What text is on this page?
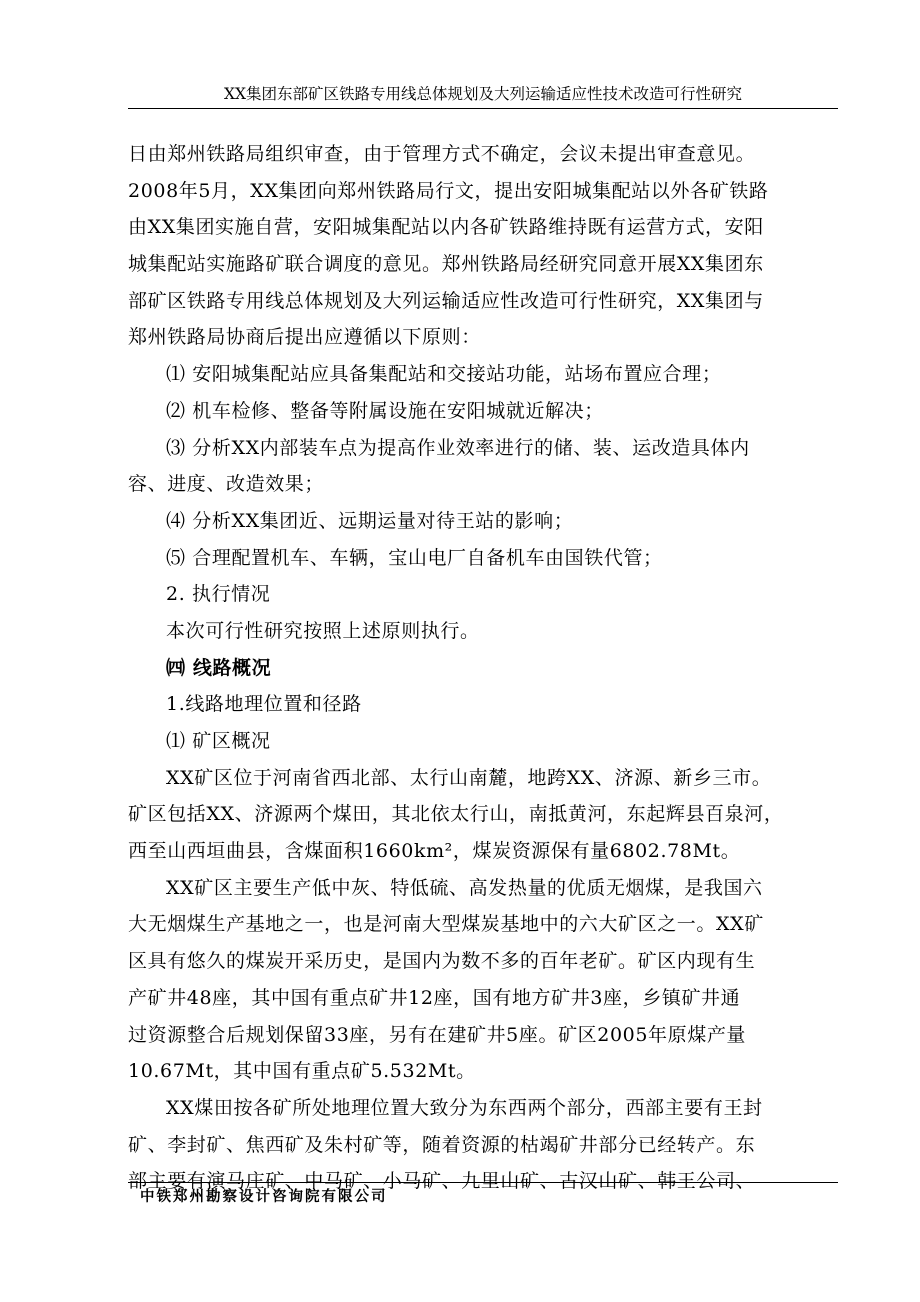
XX集团东部矿区铁路专用线总体规划及大列运输适应性技术改造可行性研究
日由郑州铁路局组织审查，由于管理方式不确定，会议未提出审查意见。
2008年5月，XX集团向郑州铁路局行文，提出安阳城集配站以外各矿铁路
由XX集团实施自营，安阳城集配站以内各矿铁路维持既有运营方式，安阳
城集配站实施路矿联合调度的意见。郑州铁路局经研究同意开展XX集团东
部矿区铁路专用线总体规划及大列运输适应性改造可行性研究，XX集团与
郑州铁路局协商后提出应遵循以下原则：
⑴ 安阳城集配站应具备集配站和交接站功能，站场布置应合理；
⑵ 机车检修、整备等附属设施在安阳城就近解决；
⑶ 分析XX内部装车点为提高作业效率进行的储、装、运改造具体内
容、进度、改造效果；
⑷ 分析XX集团近、远期运量对待王站的影响；
⑸ 合理配置机车、车辆，宝山电厂自备机车由国铁代管；
2. 执行情况
本次可行性研究按照上述原则执行。
㈣ 线路概况
1.线路地理位置和径路
⑴ 矿区概况
XX矿区位于河南省西北部、太行山南麓，地跨XX、济源、新乡三市。
矿区包括XX、济源两个煤田，其北依太行山，南抵黄河，东起辉县百泉河，
西至山西垣曲县，含煤面积1660km²，煤炭资源保有量6802.78Mt。
XX矿区主要生产低中灰、特低硫、高发热量的优质无烟煤，是我国六
大无烟煤生产基地之一，也是河南大型煤炭基地中的六大矿区之一。XX矿
区具有悠久的煤炭开采历史，是国内为数不多的百年老矿。矿区内现有生
产矿井48座，其中国有重点矿井12座，国有地方矿井3座，乡镇矿井通
过资源整合后规划保留33座，另有在建矿井5座。矿区2005年原煤产量
10.67Mt，其中国有重点矿5.532Mt。
XX煤田按各矿所处地理位置大致分为东西两个部分，西部主要有王封
矿、李封矿、焦西矿及朱村矿等，随着资源的枯竭矿井部分已经转产。东
部主要有演马庄矿、中马矿、小马矿、九里山矿、古汉山矿、韩王公司、
中铁郑州勘察设计咨询院有限公司
